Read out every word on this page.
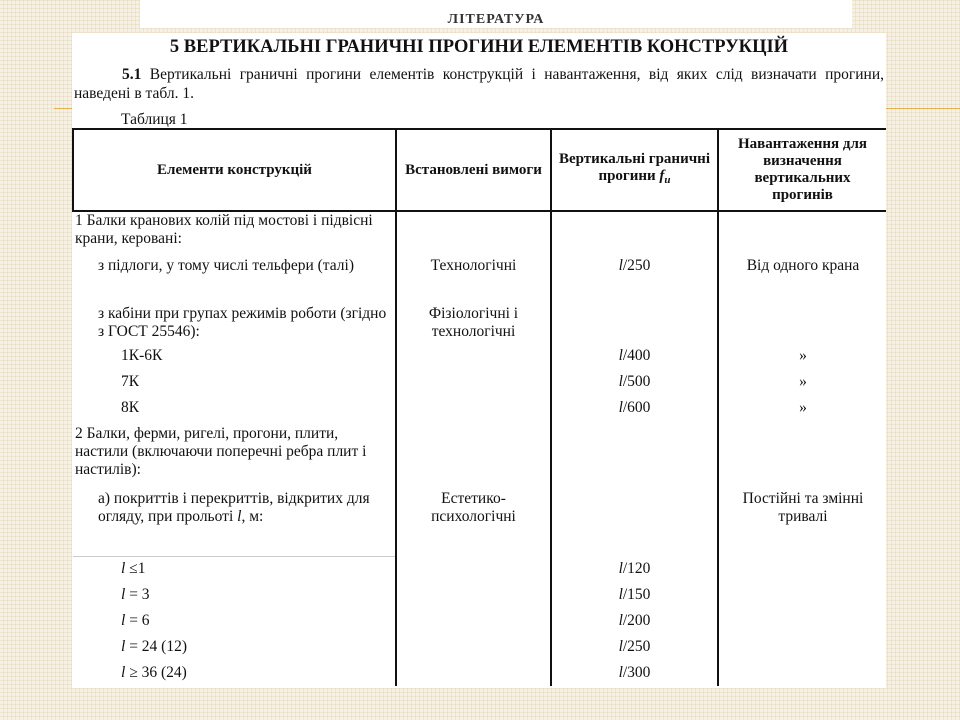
ЛІТЕРАТУРА
5 ВЕРТИКАЛЬНІ ГРАНИЧНІ ПРОГИНИ ЕЛЕМЕНТІВ КОНСТРУКЦІЙ
5.1 Вертикальні граничні прогини елементів конструкцій і навантаження, від яких слід визначати прогини, наведені в табл. 1.
Таблиця 1
Елементи конструкцій	Встановлені вимоги	Вертикальні граничні прогини $f_u$	Навантаження для визначення вертикальних прогинів
1 Балки кранових колій під мостові і підвісні крани, керовані:			
з підлоги, у тому числі тельфери (талі)	Технологічні	l/250	Від одного крана
з кабіни при групах режимів роботи (згідно з ГОСТ 25546):	Фізіологічні і технологічні		
1К-6К		l/400	»
7К		l/500	»
8К		l/600	»
2 Балки, ферми, ригелі, прогони, плити, настили (включаючи поперечні ребра плит і настилів):			
а) покриттів і перекриттів, відкритих для огляду, при прольоті l, м:	Естетико-психологічні		Постійні та змінні тривалі
l ≤1		l/120	
l = 3		l/150	
l = 6		l/200	
l = 24 (12)		l/250	
l ≥ 36 (24)		l/300	
